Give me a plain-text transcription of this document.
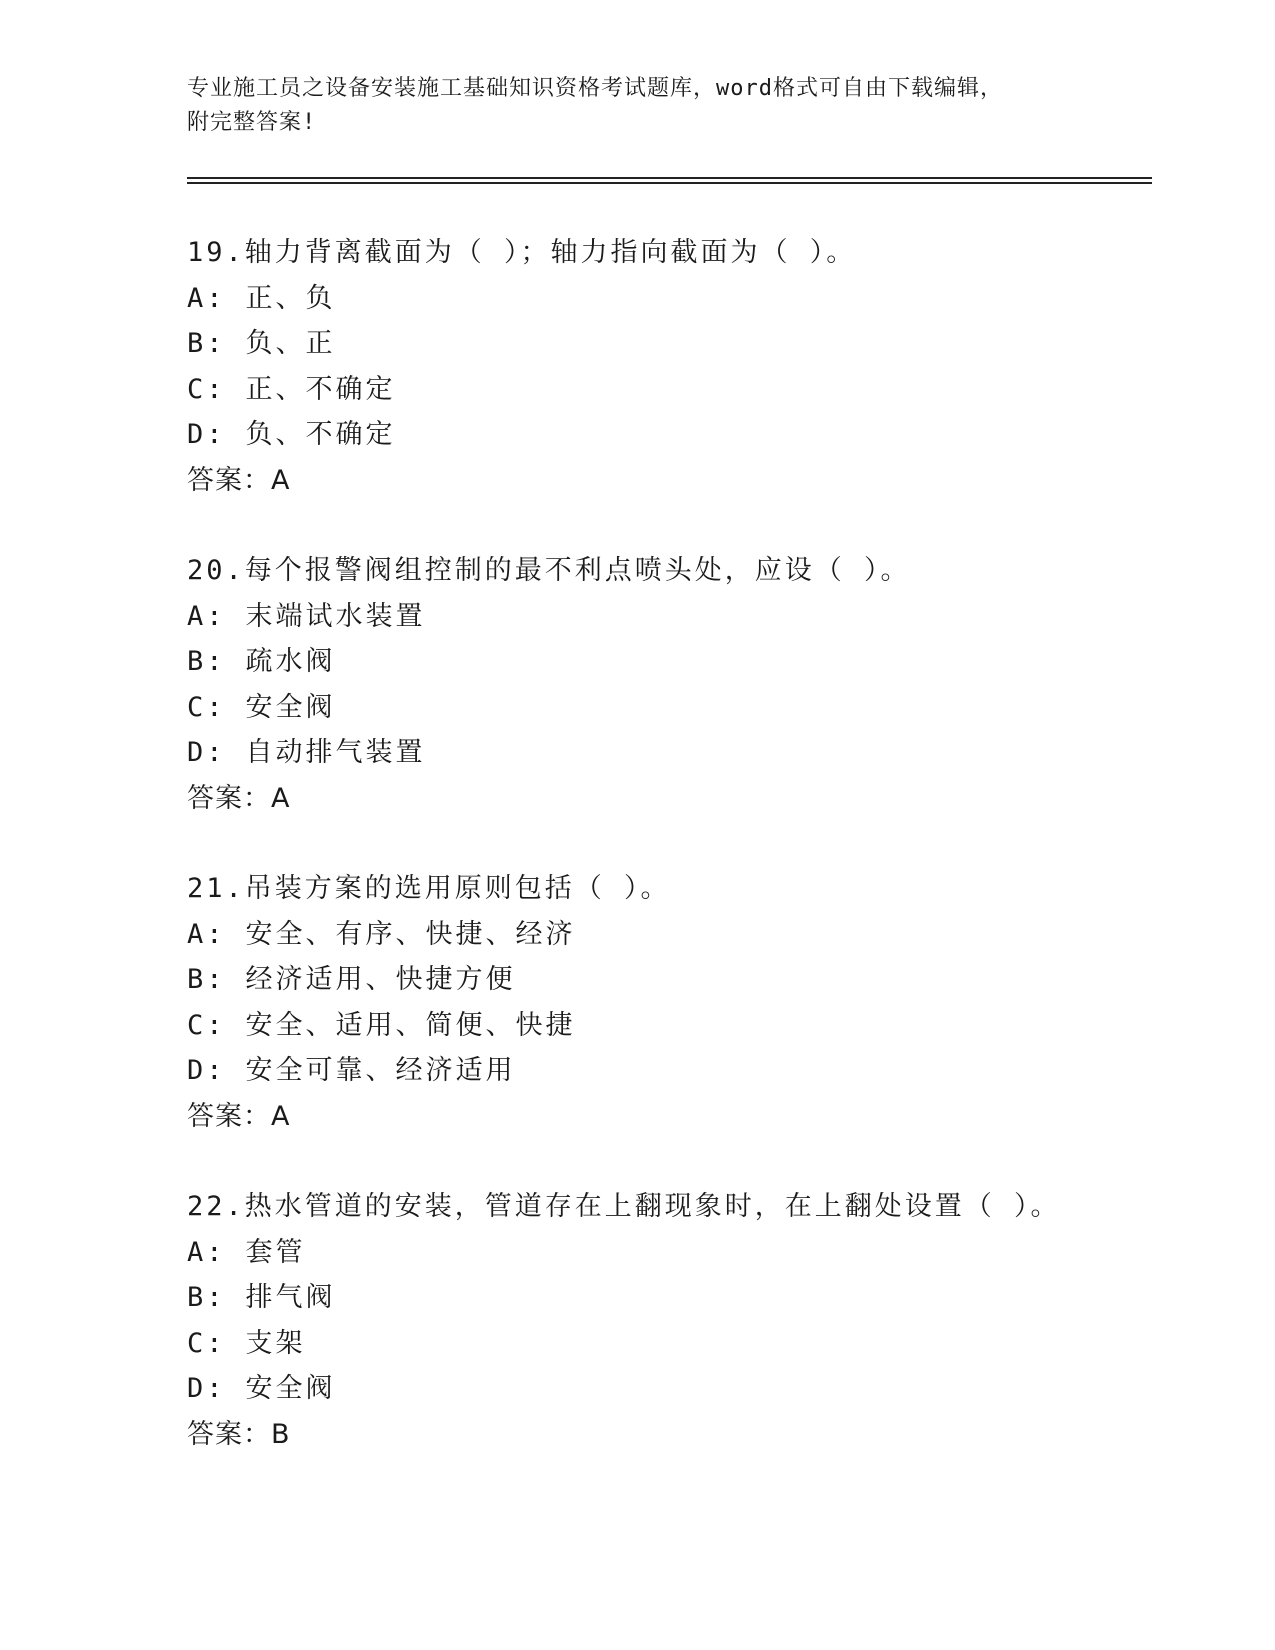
专业施工员之设备安装施工基础知识资格考试题库，word格式可自由下载编辑，
附完整答案!
19.轴力背离截面为（ ）；轴力指向截面为（ ）。
A: 正、负
B: 负、正
C: 正、不确定
D: 负、不确定
答案：A
20.每个报警阀组控制的最不利点喷头处，应设（ ）。
A: 末端试水装置
B: 疏水阀
C: 安全阀
D: 自动排气装置
答案：A
21.吊装方案的选用原则包括（ ）。
A: 安全、有序、快捷、经济
B: 经济适用、快捷方便
C: 安全、适用、简便、快捷
D: 安全可靠、经济适用
答案：A
22.热水管道的安装，管道存在上翻现象时，在上翻处设置（ ）。
A: 套管
B: 排气阀
C: 支架
D: 安全阀
答案：B
